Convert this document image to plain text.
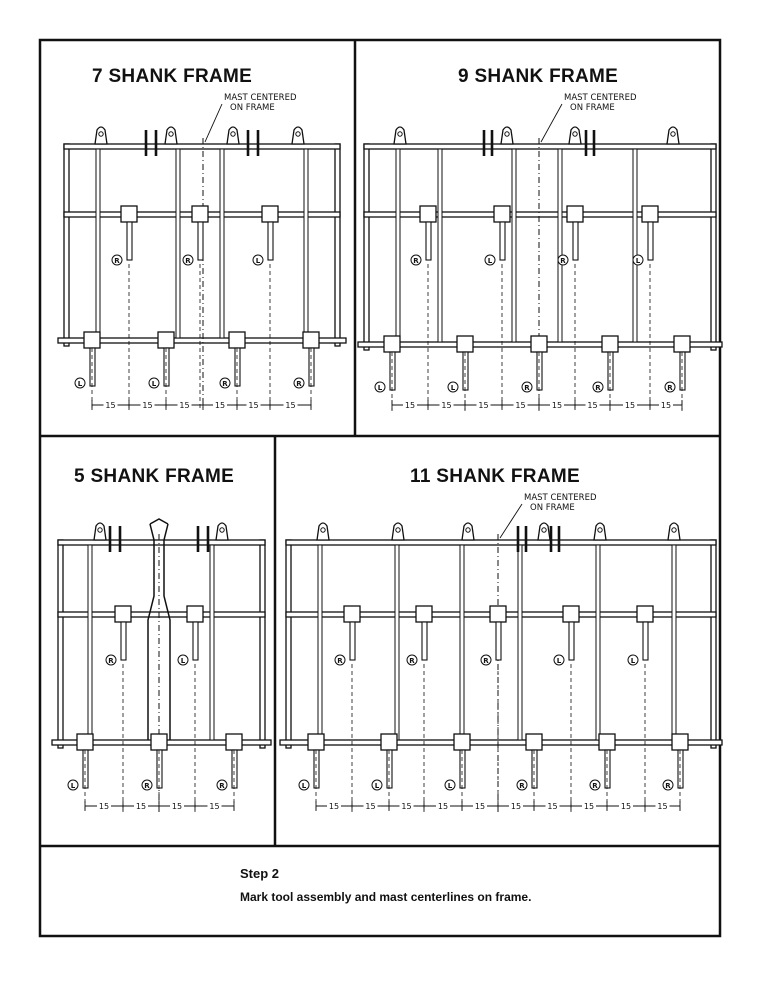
R	R	L
L	L	R	R
15	15	15	15	15	15
MAST CENTERED
ON FRAME
R	L	R	L
L	L	R	R	R
15	15	15	15	15	15	15	15
MAST CENTERED
ON FRAME
R	L
L	R	R
15	15	15	15
R	R	R	L	L
L	L	L	R	R	R
15	15	15	15	15	15	15	15	15	15
MAST CENTERED
ON FRAME
7 SHANK FRAME	9 SHANK FRAME
5 SHANK FRAME	11 SHANK FRAME
Step 2
Mark tool assembly and mast centerlines on frame.
